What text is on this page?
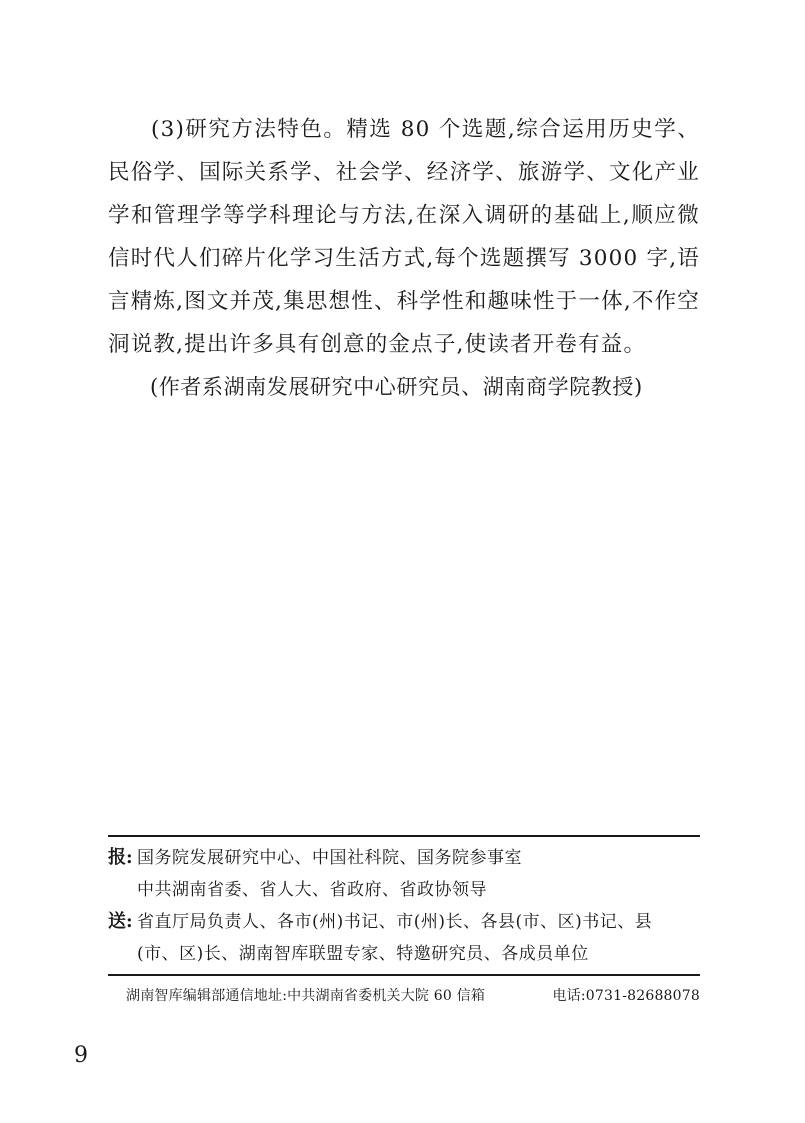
(3)研究方法特色。精选 80 个选题,综合运用历史学、民俗学、国际关系学、社会学、经济学、旅游学、文化产业学和管理学等学科理论与方法,在深入调研的基础上,顺应微信时代人们碎片化学习生活方式,每个选题撰写 3000 字,语言精炼,图文并茂,集思想性、科学性和趣味性于一体,不作空洞说教,提出许多具有创意的金点子,使读者开卷有益。

(作者系湖南发展研究中心研究员、湖南商学院教授)

报: 国务院发展研究中心、中国社科院、国务院参事室
中共湖南省委、省人大、省政府、省政协领导
送: 省直厅局负责人、各市(州)书记、市(州)长、各县(市、区)书记、县
(市、区)长、湖南智库联盟专家、特邀研究员、各成员单位
湖南智库编辑部通信地址:中共湖南省委机关大院 60 信箱	电话:0731-82688078
9
